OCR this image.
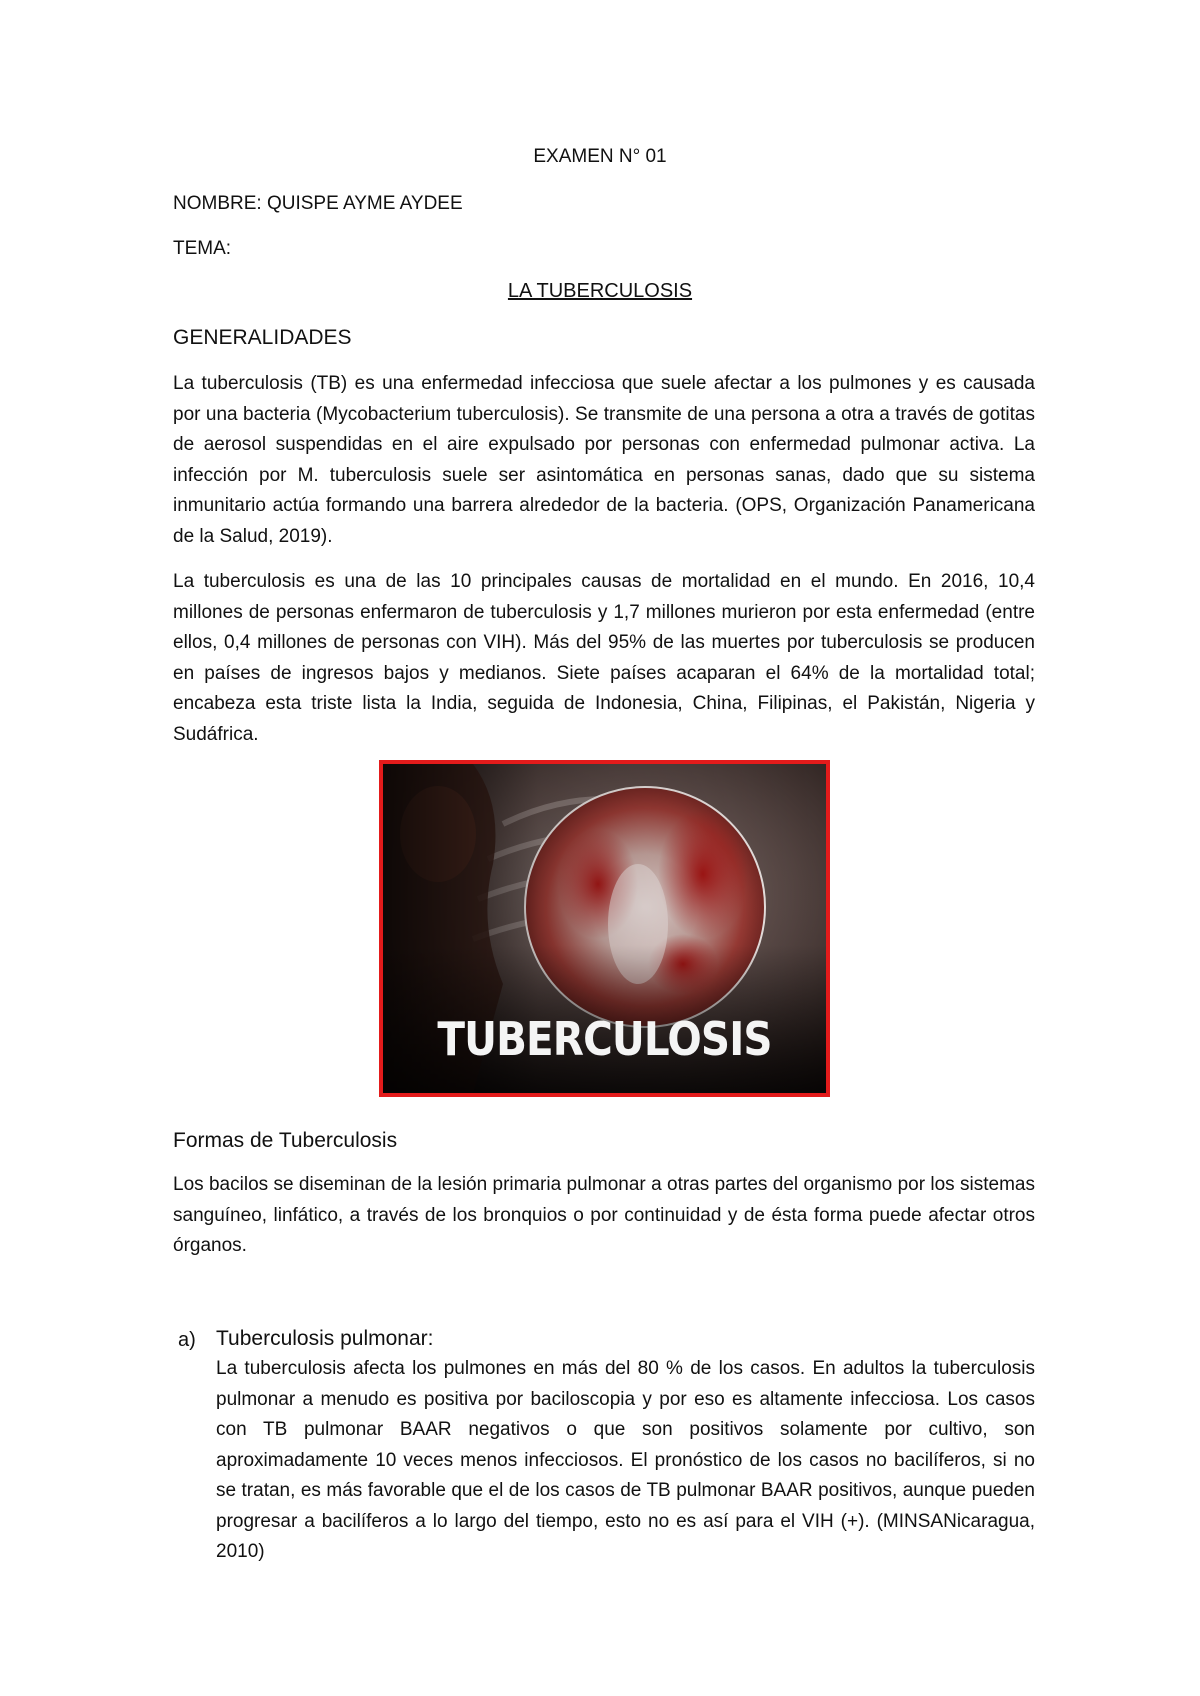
EXAMEN N° 01
NOMBRE: QUISPE AYME AYDEE
TEMA:
LA TUBERCULOSIS
GENERALIDADES
La tuberculosis (TB) es una enfermedad infecciosa que suele afectar a los pulmones y es causada por una bacteria (Mycobacterium tuberculosis). Se transmite de una persona a otra a través de gotitas de aerosol suspendidas en el aire expulsado por personas con enfermedad pulmonar activa. La infección por M. tuberculosis suele ser asintomática en personas sanas, dado que su sistema inmunitario actúa formando una barrera alrededor de la bacteria. (OPS, Organización Panamericana de la Salud, 2019).
La tuberculosis es una de las 10 principales causas de mortalidad en el mundo. En 2016, 10,4 millones de personas enfermaron de tuberculosis y 1,7 millones murieron por esta enfermedad (entre ellos, 0,4 millones de personas con VIH). Más del 95% de las muertes por tuberculosis se producen en países de ingresos bajos y medianos. Siete países acaparan el 64% de la mortalidad total; encabeza esta triste lista la India, seguida de Indonesia, China, Filipinas, el Pakistán, Nigeria y Sudáfrica.
TUBERCULOSIS
Formas de Tuberculosis
Los bacilos se diseminan de la lesión primaria pulmonar a otras partes del organismo por los sistemas sanguíneo, linfático, a través de los bronquios o por continuidad y de ésta forma puede afectar otros órganos.
a) Tuberculosis pulmonar:
La tuberculosis afecta los pulmones en más del 80 % de los casos. En adultos la tuberculosis pulmonar a menudo es positiva por baciloscopia y por eso es altamente infecciosa. Los casos con TB pulmonar BAAR negativos o que son positivos solamente por cultivo, son aproximadamente 10 veces menos infecciosos. El pronóstico de los casos no bacilíferos, si no se tratan, es más favorable que el de los casos de TB pulmonar BAAR positivos, aunque pueden progresar a bacilíferos a lo largo del tiempo, esto no es así para el VIH (+). (MINSANicaragua, 2010)
